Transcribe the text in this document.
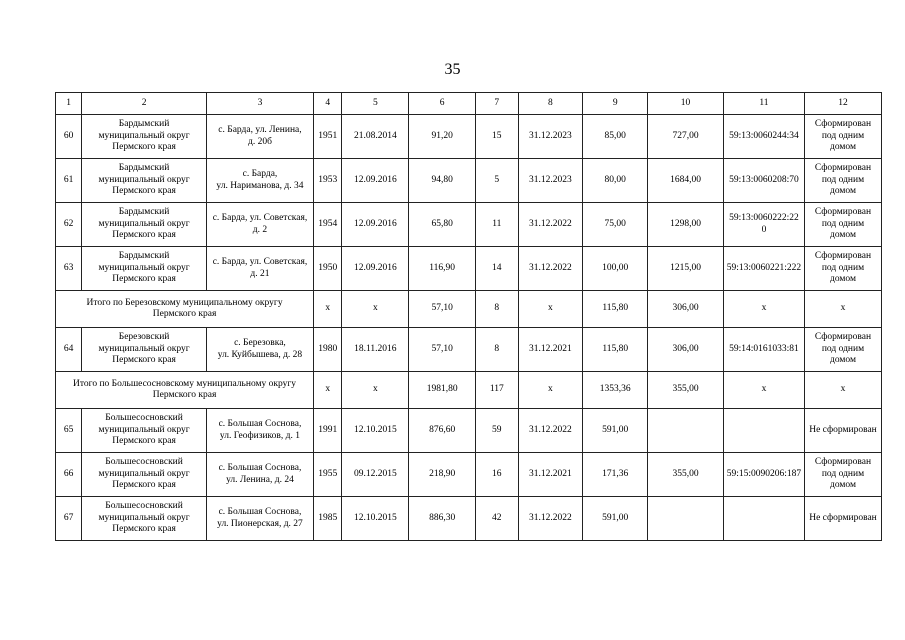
35
1	2	3	4	5	6	7	8	9	10	11	12
60	Бардымский
муниципальный округ
Пермского края	с. Барда, ул. Ленина,
д. 20б	1951	21.08.2014	91,20	15	31.12.2023	85,00	727,00	59:13:0060244:34	Сформирован
под одним
домом
61	Бардымский
муниципальный округ
Пермского края	с. Барда,
ул. Нариманова, д. 34	1953	12.09.2016	94,80	5	31.12.2023	80,00	1684,00	59:13:0060208:70	Сформирован
под одним
домом
62	Бардымский
муниципальный округ
Пермского края	с. Барда, ул. Советская,
д. 2	1954	12.09.2016	65,80	11	31.12.2022	75,00	1298,00	59:13:0060222:22
0	Сформирован
под одним
домом
63	Бардымский
муниципальный округ
Пермского края	с. Барда, ул. Советская,
д. 21	1950	12.09.2016	116,90	14	31.12.2022	100,00	1215,00	59:13:0060221:222	Сформирован
под одним
домом
Итого по Березовскому муниципальному округу
Пермского края			x	x	57,10	8	x	115,80	306,00	x	x
64	Березовский
муниципальный округ
Пермского края	с. Березовка,
ул. Куйбышева, д. 28	1980	18.11.2016	57,10	8	31.12.2021	115,80	306,00	59:14:0161033:81	Сформирован
под одним
домом
Итого по Большесосновскому муниципальному округу
Пермского края			x	x	1981,80	117	x	1353,36	355,00	x	x
65	Большесосновский
муниципальный округ
Пермского края	с. Большая Соснова,
ул. Геофизиков, д. 1	1991	12.10.2015	876,60	59	31.12.2022	591,00			Не сформирован
66	Большесосновский
муниципальный округ
Пермского края	с. Большая Соснова,
ул. Ленина, д. 24	1955	09.12.2015	218,90	16	31.12.2021	171,36	355,00	59:15:0090206:187	Сформирован
под одним
домом
67	Большесосновский
муниципальный округ
Пермского края	с. Большая Соснова,
ул. Пионерская, д. 27	1985	12.10.2015	886,30	42	31.12.2022	591,00			Не сформирован
